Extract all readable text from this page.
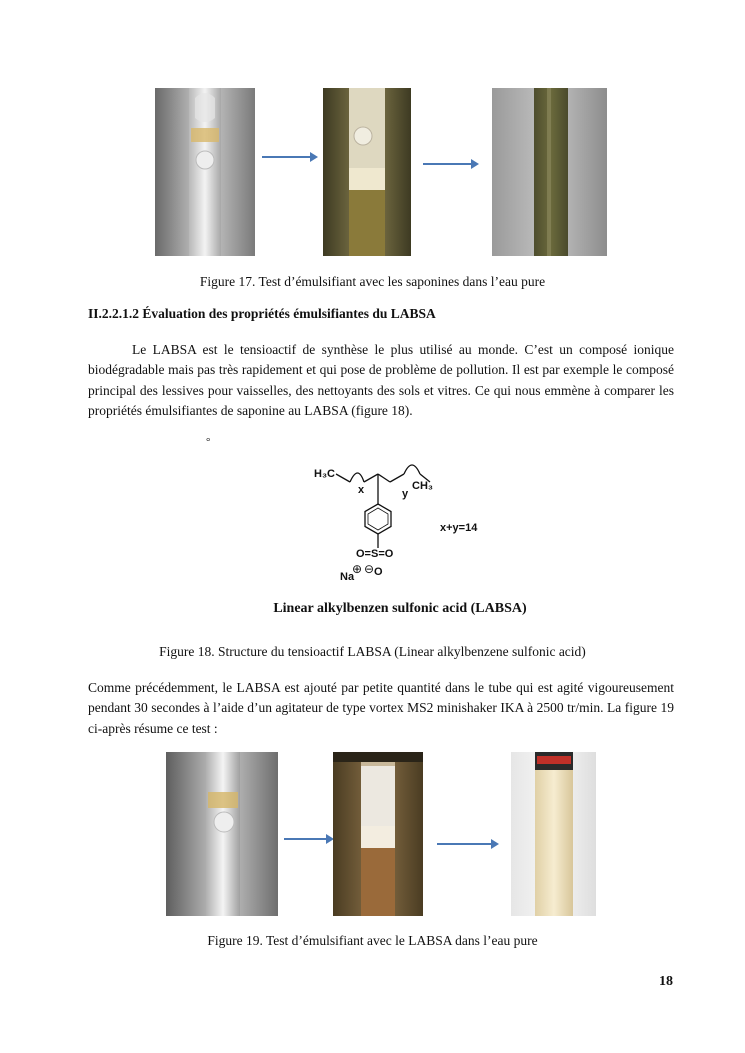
Figure 17. Test d’émulsifiant avec les saponines dans l’eau pure
II.2.2.1.2 Évaluation des propriétés émulsifiantes du LABSA

Le LABSA est le tensioactif de synthèse le plus utilisé au monde. C’est un composé ionique biodégradable mais pas très rapidement et qui pose de problème de pollution. Il est par exemple le composé principal des lessives pour vaisselles, des nettoyants des sols et vitres. Ce qui nous emmène à comparer les propriétés émulsifiantes de saponine au LABSA (figure 18).

°
H₃C
x	y
CH₃
x+y=14
O=S=O
⊕ ⊖ O
Na
Linear alkylbenzen sulfonic acid (LABSA)
Figure 18. Structure du tensioactif LABSA (Linear alkylbenzene sulfonic acid)

Comme précédemment, le LABSA est ajouté par petite quantité dans le tube qui est agité vigoureusement pendant 30 secondes à l’aide d’un agitateur de type vortex MS2 minishaker IKA à 2500 tr/min. La figure 19 ci-après résume ce test :

Figure 19. Test d’émulsifiant avec le LABSA dans l’eau pure
18
